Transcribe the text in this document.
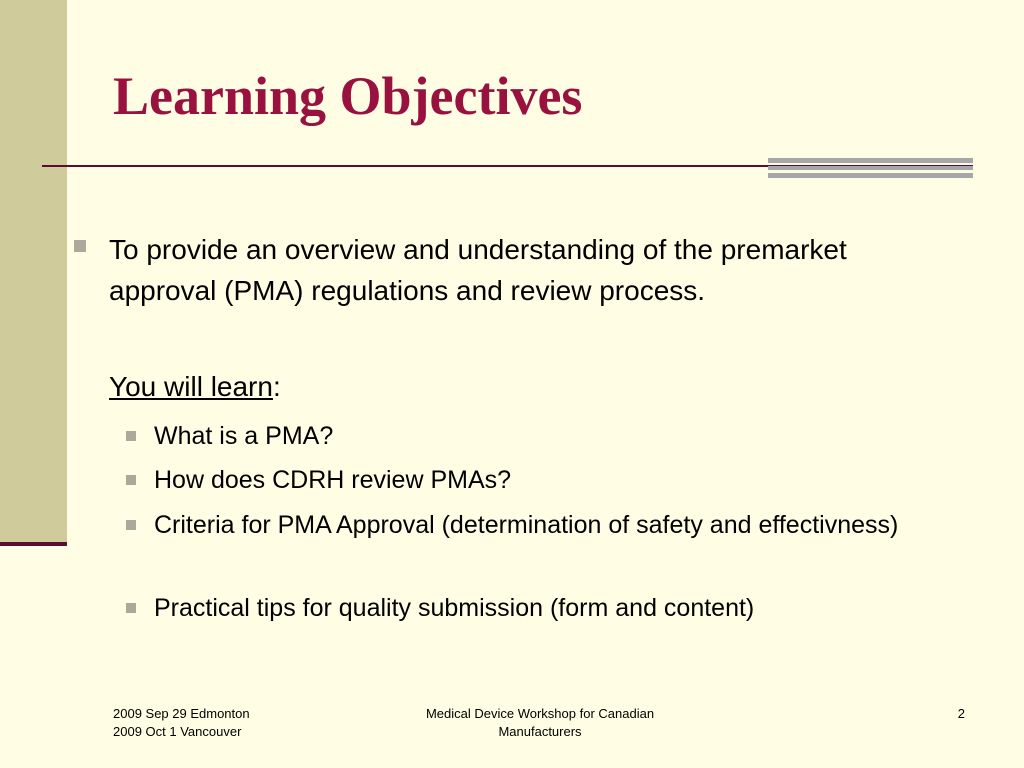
Learning Objectives
To provide an overview and understanding of the premarket approval (PMA) regulations and review process.
You will learn:
What is a PMA?
How does CDRH review PMAs?
Criteria for PMA Approval (determination of safety and effectivness)
Practical tips for quality submission (form and content)
2009 Sep 29 Edmonton
2009 Oct 1 Vancouver
Medical Device Workshop for Canadian
Manufacturers
2
